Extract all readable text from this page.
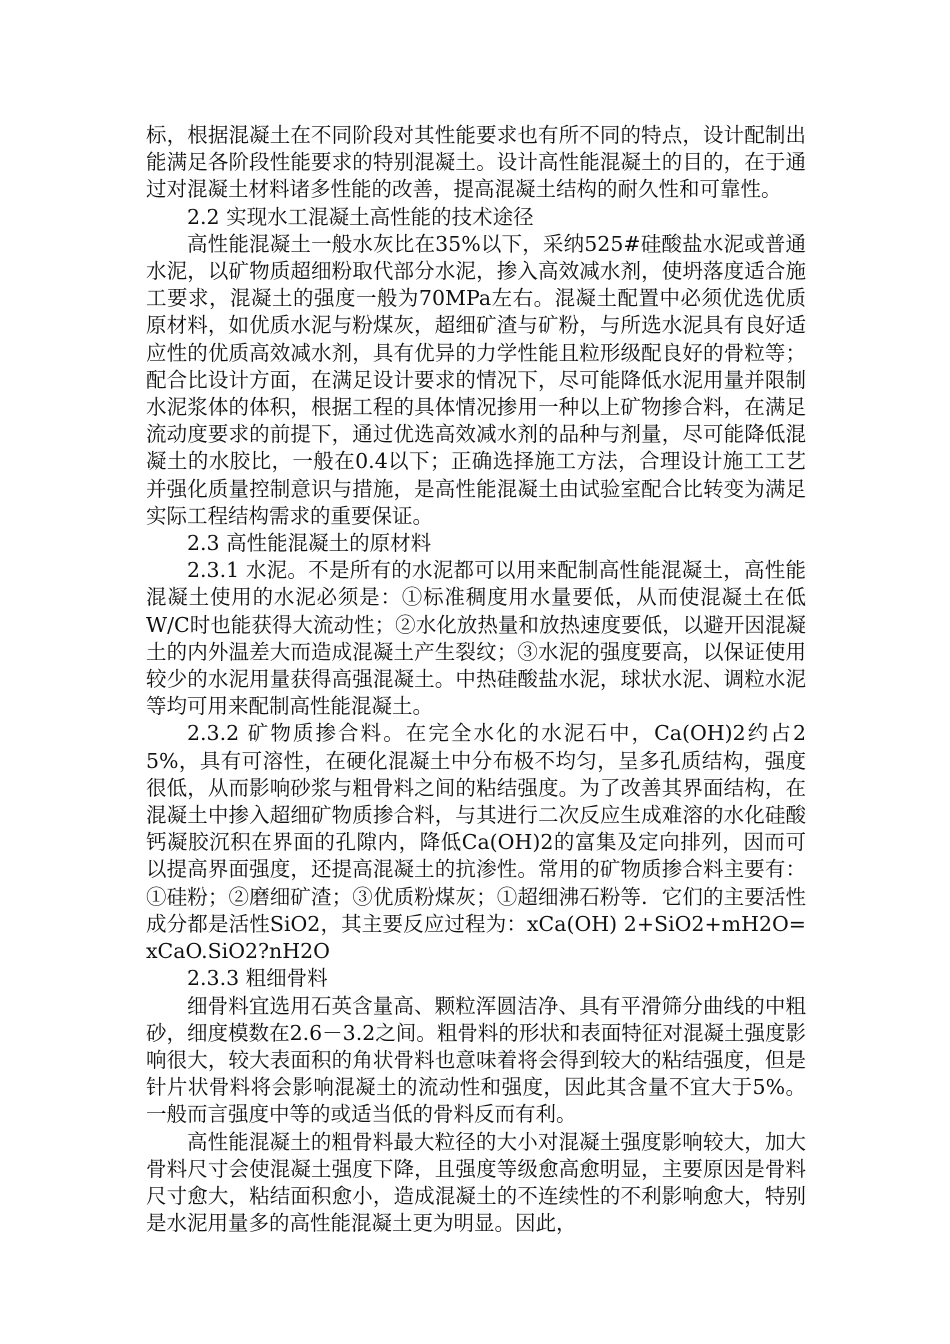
标，根据混凝土在不同阶段对其性能要求也有所不同的特点，设计配制出能满足各阶段性能要求的特别混凝土。设计高性能混凝土的目的，在于通过对混凝土材料诸多性能的改善，提高混凝土结构的耐久性和可靠性。

2.2 实现水工混凝土高性能的技术途径

高性能混凝土一般水灰比在35%以下，采纳525#硅酸盐水泥或普通水泥，以矿物质超细粉取代部分水泥，掺入高效减水剂，使坍落度适合施工要求，混凝土的强度一般为70MPa左右。混凝土配置中必须优选优质原材料，如优质水泥与粉煤灰，超细矿渣与矿粉，与所选水泥具有良好适应性的优质高效减水剂，具有优异的力学性能且粒形级配良好的骨粒等；配合比设计方面，在满足设计要求的情况下，尽可能降低水泥用量并限制水泥浆体的体积，根据工程的具体情况掺用一种以上矿物掺合料，在满足流动度要求的前提下，通过优选高效减水剂的品种与剂量，尽可能降低混凝土的水胶比，一般在0.4以下；正确选择施工方法，合理设计施工工艺并强化质量控制意识与措施，是高性能混凝土由试验室配合比转变为满足实际工程结构需求的重要保证。

2.3 高性能混凝土的原材料

2.3.1 水泥。不是所有的水泥都可以用来配制高性能混凝土，高性能混凝土使用的水泥必须是：①标准稠度用水量要低，从而使混凝土在低W/C时也能获得大流动性；②水化放热量和放热速度要低，以避开因混凝土的内外温差大而造成混凝土产生裂纹；③水泥的强度要高，以保证使用较少的水泥用量获得高强混凝土。中热硅酸盐水泥，球状水泥、调粒水泥等均可用来配制高性能混凝土。

2.3.2 矿物质掺合料。在完全水化的水泥石中，Ca(OH)2约占25%，具有可溶性，在硬化混凝土中分布极不均匀，呈多孔质结构，强度很低，从而影响砂浆与粗骨料之间的粘结强度。为了改善其界面结构，在混凝土中掺入超细矿物质掺合料，与其进行二次反应生成难溶的水化硅酸钙凝胶沉积在界面的孔隙内，降低Ca(OH)2的富集及定向排列，因而可以提高界面强度，还提高混凝土的抗渗性。常用的矿物质掺合料主要有：①硅粉；②磨细矿渣；③优质粉煤灰；①超细沸石粉等．它们的主要活性成分都是活性SiO2，其主要反应过程为：xCa(OH) 2+SiO2+mH2O=xCaO.SiO2?nH2O

2.3.3 粗细骨料

细骨料宜选用石英含量高、颗粒浑圆洁净、具有平滑筛分曲线的中粗砂，细度模数在2.6－3.2之间。粗骨料的形状和表面特征对混凝土强度影响很大，较大表面积的角状骨料也意味着将会得到较大的粘结强度，但是针片状骨料将会影响混凝土的流动性和强度，因此其含量不宜大于5%。一般而言强度中等的或适当低的骨料反而有利。

高性能混凝土的粗骨料最大粒径的大小对混凝土强度影响较大，加大骨料尺寸会使混凝土强度下降，且强度等级愈高愈明显，主要原因是骨料尺寸愈大，粘结面积愈小，造成混凝土的不连续性的不利影响愈大，特别是水泥用量多的高性能混凝土更为明显。因此，
